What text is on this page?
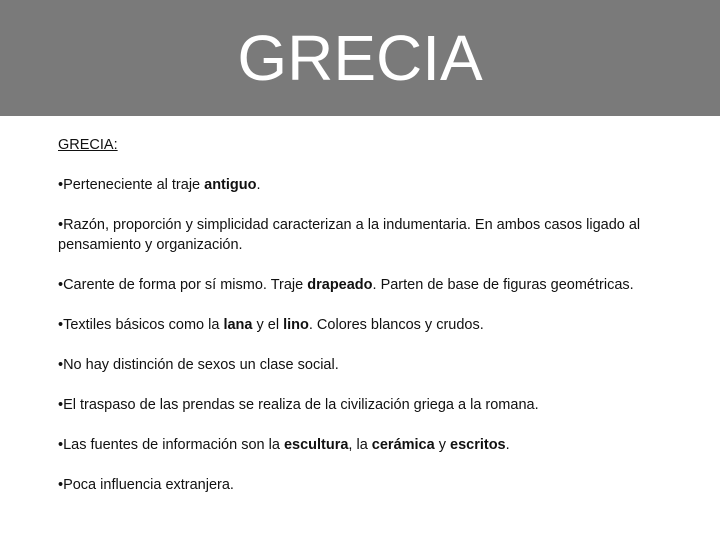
GRECIA
GRECIA:
•Perteneciente al traje antiguo.
•Razón, proporción y simplicidad caracterizan a la indumentaria. En ambos casos ligado al pensamiento y organización.
•Carente de forma por sí mismo. Traje drapeado. Parten de base de figuras geométricas.
•Textiles básicos como la lana y el lino. Colores blancos y crudos.
•No hay distinción de sexos un clase social.
•El traspaso de las prendas se realiza de la civilización griega a la romana.
•Las fuentes de información son la escultura, la cerámica y escritos.
•Poca influencia extranjera.
